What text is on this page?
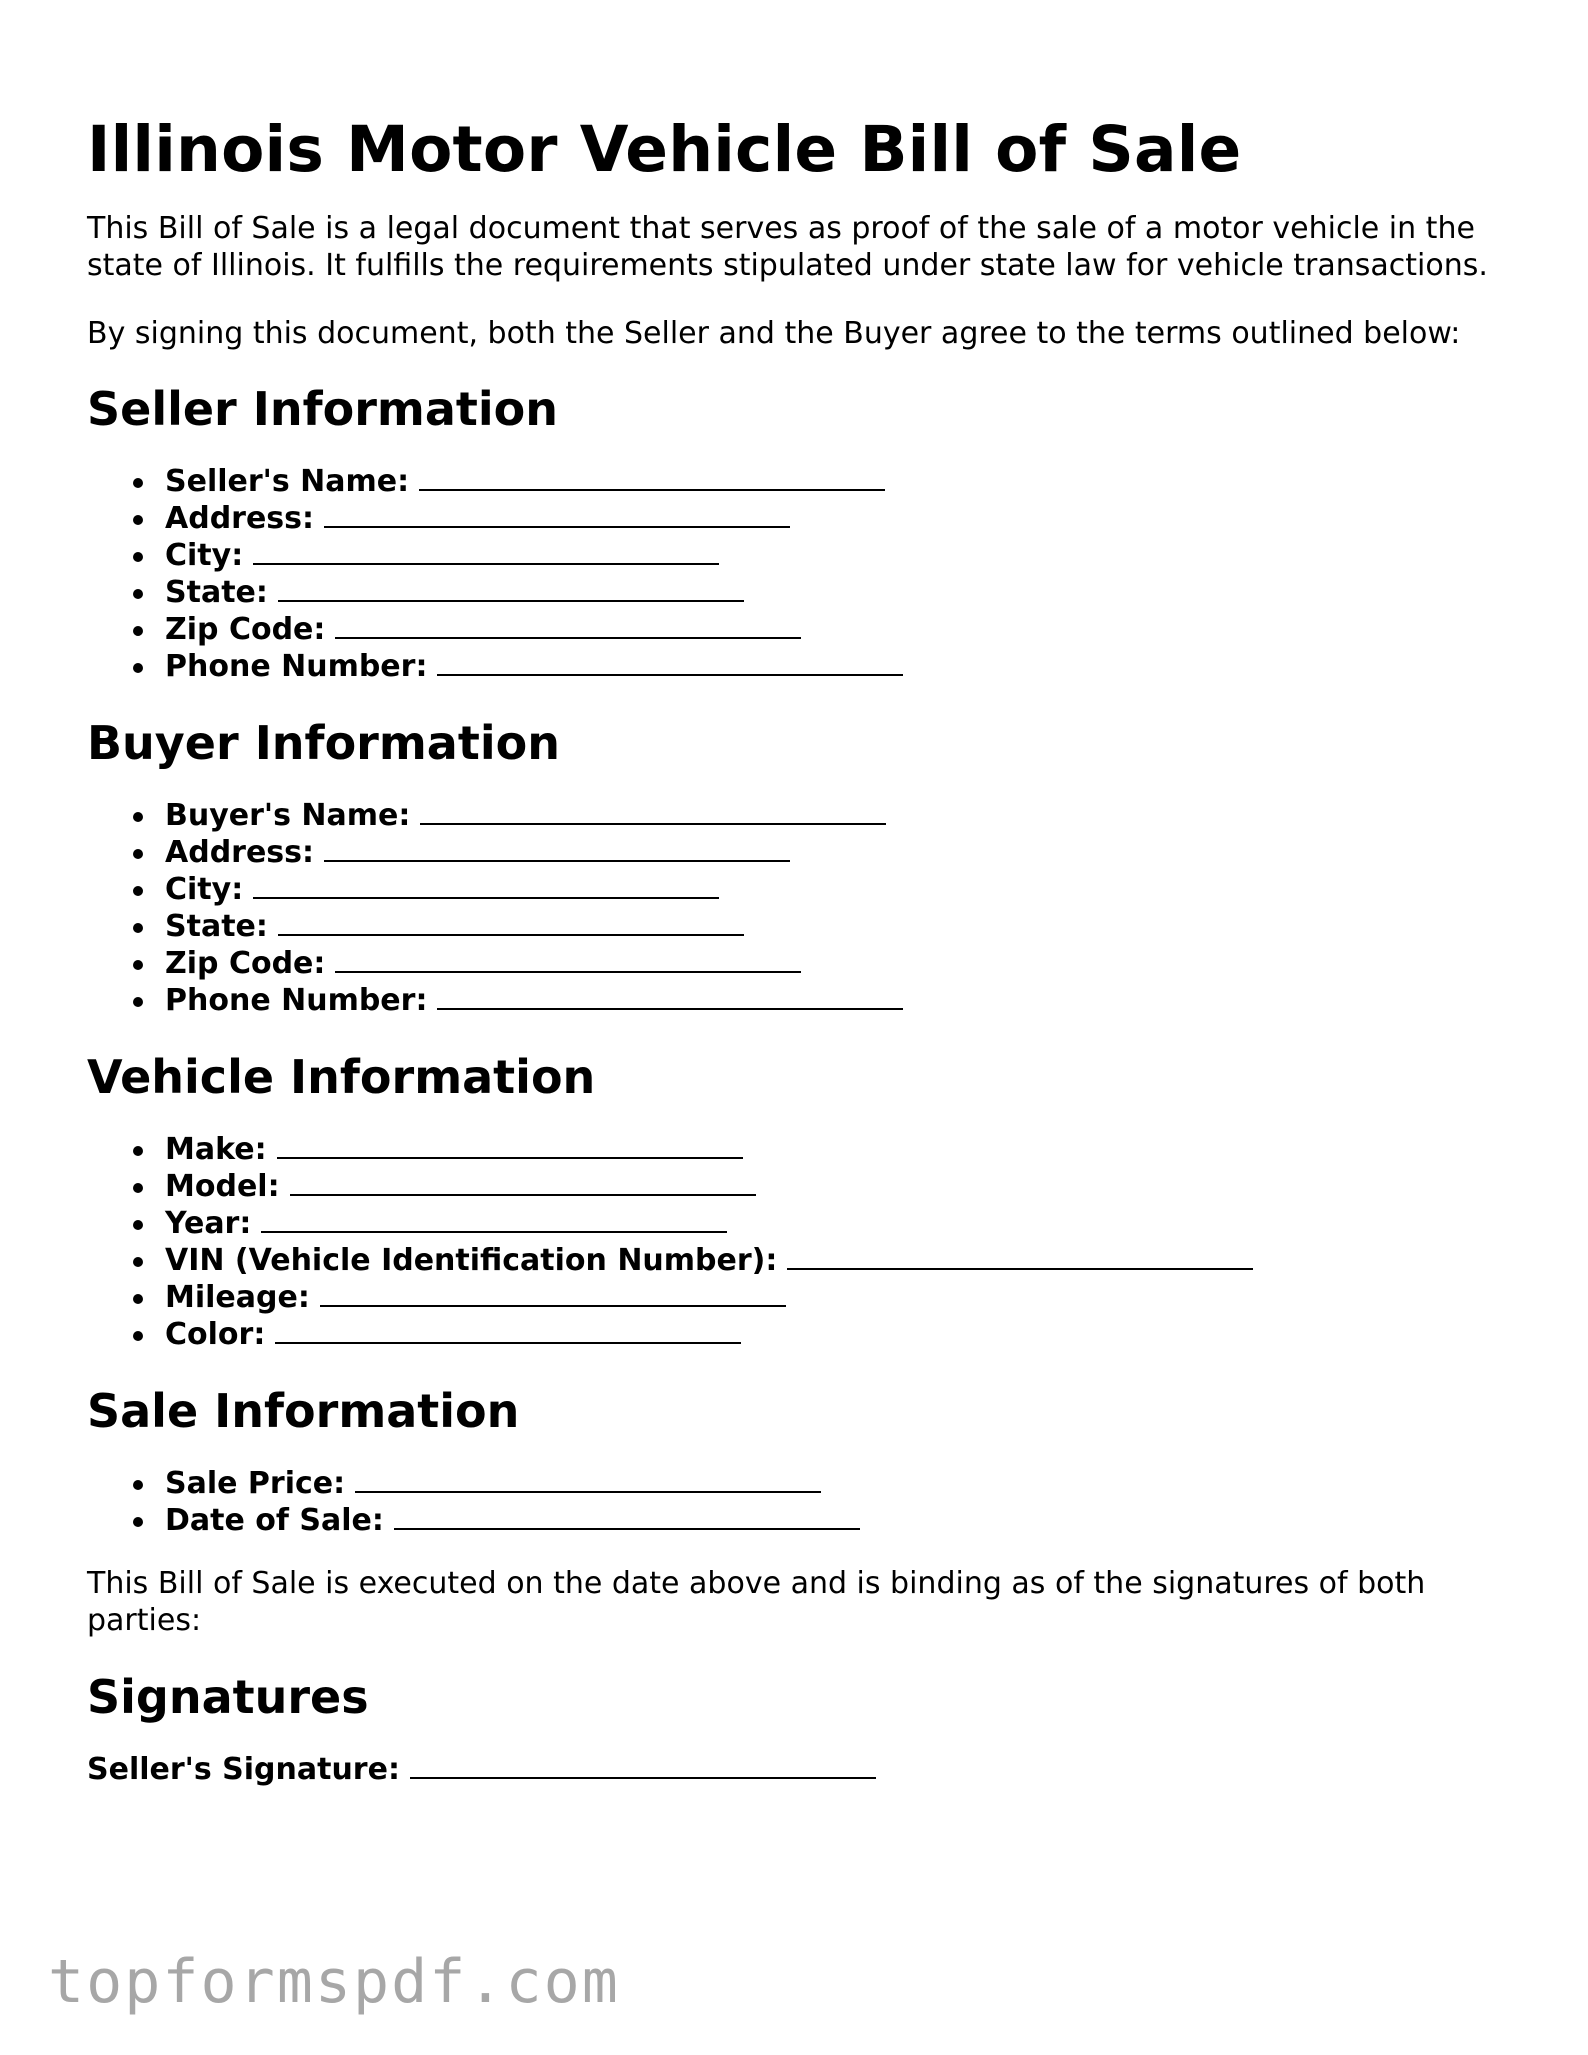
Illinois Motor Vehicle Bill of Sale

This Bill of Sale is a legal document that serves as proof of the sale of a motor vehicle in the state of Illinois. It fulfills the requirements stipulated under state law for vehicle transactions.

By signing this document, both the Seller and the Buyer agree to the terms outlined below:

Seller Information
Seller's Name:
Address:
City:
State:
Zip Code:
Phone Number:
Buyer Information
Buyer's Name:
Address:
City:
State:
Zip Code:
Phone Number:
Vehicle Information
Make:
Model:
Year:
VIN (Vehicle Identification Number):
Mileage:
Color:
Sale Information
Sale Price:
Date of Sale:

This Bill of Sale is executed on the date above and is binding as of the signatures of both parties:

Signatures
Seller's Signature:
topformspdf.com
